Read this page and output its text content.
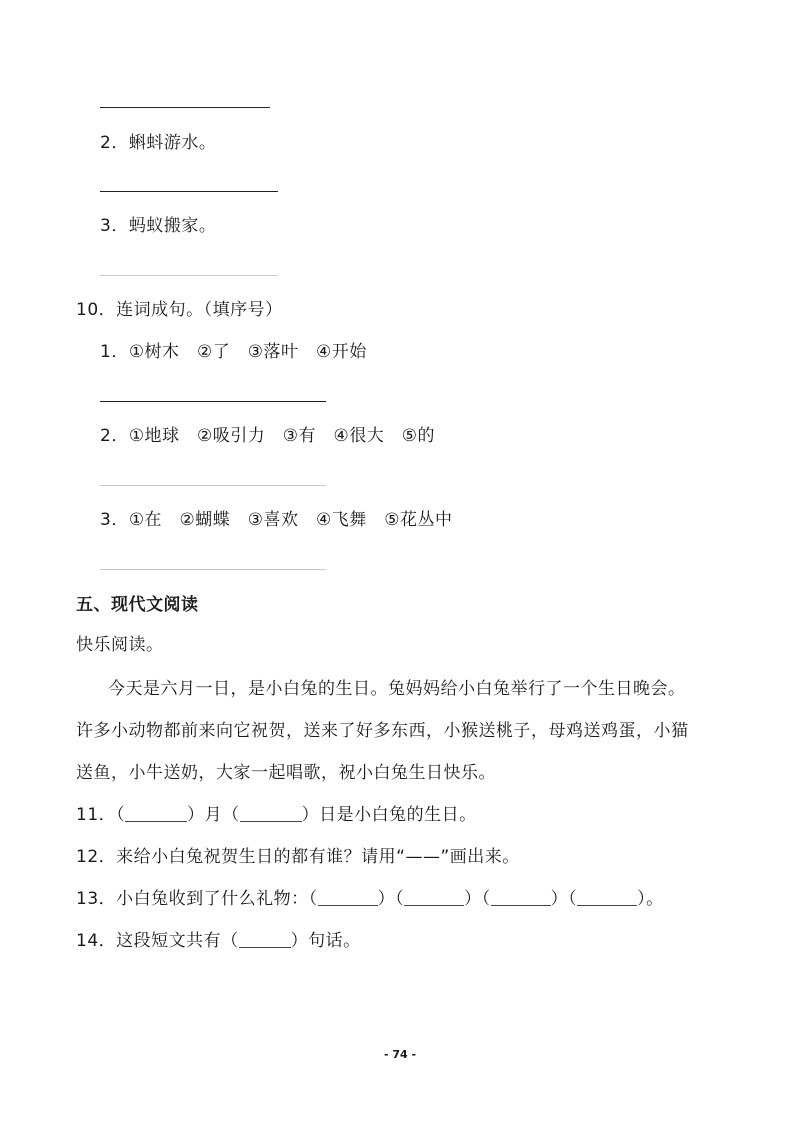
2．蝌蚪游水。
3．蚂蚁搬家。
10．连词成句。（填序号）
1．①树木　②了　③落叶　④开始
2．①地球　②吸引力　③有　④很大　⑤的
3．①在　②蝴蝶　③喜欢　④飞舞　⑤花丛中
五、现代文阅读
快乐阅读。
今天是六月一日，是小白兔的生日。兔妈妈给小白兔举行了一个生日晚会。
许多小动物都前来向它祝贺，送来了好多东西，小猴送桃子，母鸡送鸡蛋，小猫
送鱼，小牛送奶，大家一起唱歌，祝小白兔生日快乐。
11．（	）月（	）日是小白兔的生日。
12．来给小白兔祝贺生日的都有谁？请用“——”画出来。
13．小白兔收到了什么礼物：（	）（	）（	）（	）。
14．这段短文共有（	）句话。
- 74 -
